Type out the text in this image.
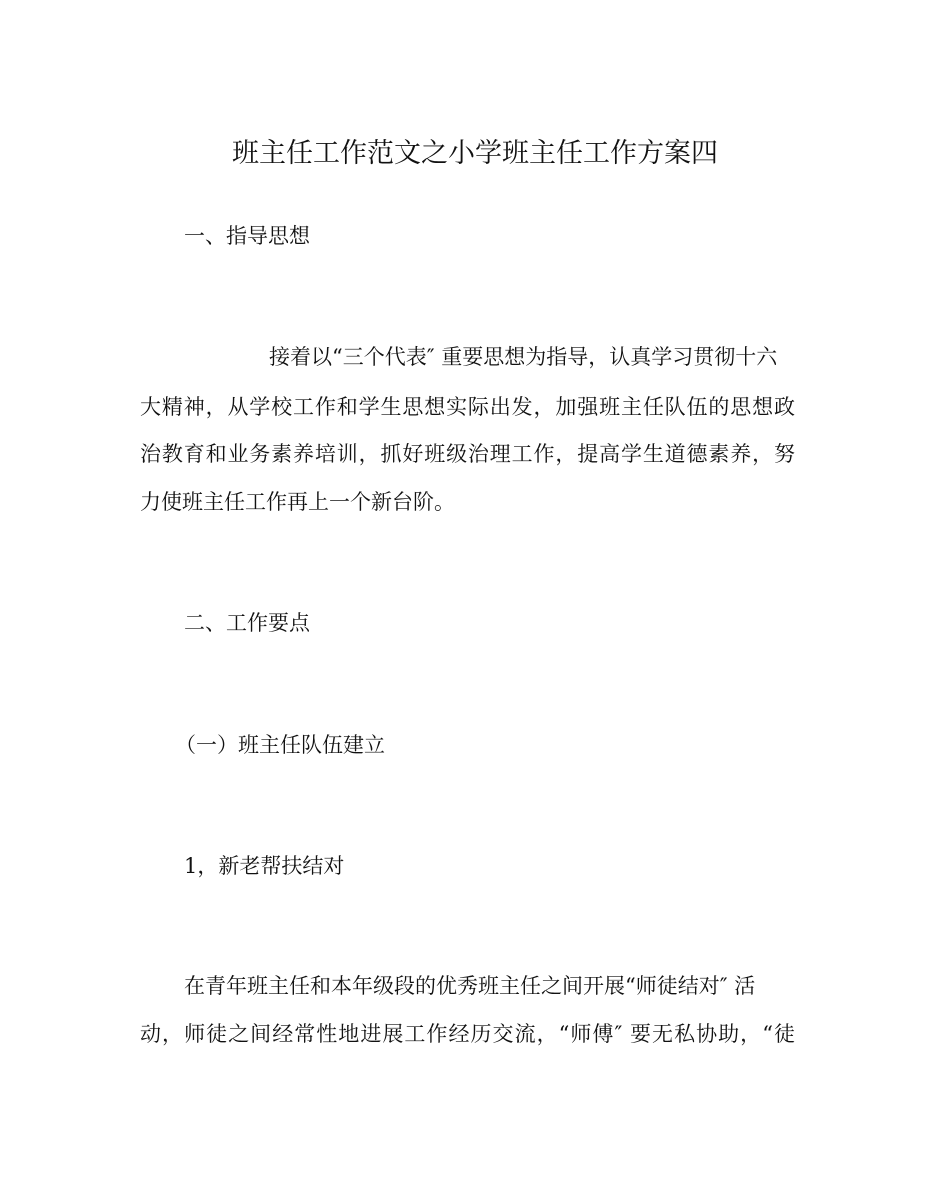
班主任工作范文之小学班主任工作方案四
一、指导思想
接着以“三个代表″ 重要思想为指导，认真学习贯彻十六
大精神，从学校工作和学生思想实际出发，加强班主任队伍的思想政
治教育和业务素养培训，抓好班级治理工作，提高学生道德素养，努
力使班主任工作再上一个新台阶。
二、工作要点
（一）班主任队伍建立
1，新老帮扶结对
在青年班主任和本年级段的优秀班主任之间开展“师徒结对″ 活
动，师徒之间经常性地进展工作经历交流，“师傅″ 要无私协助，“徒
